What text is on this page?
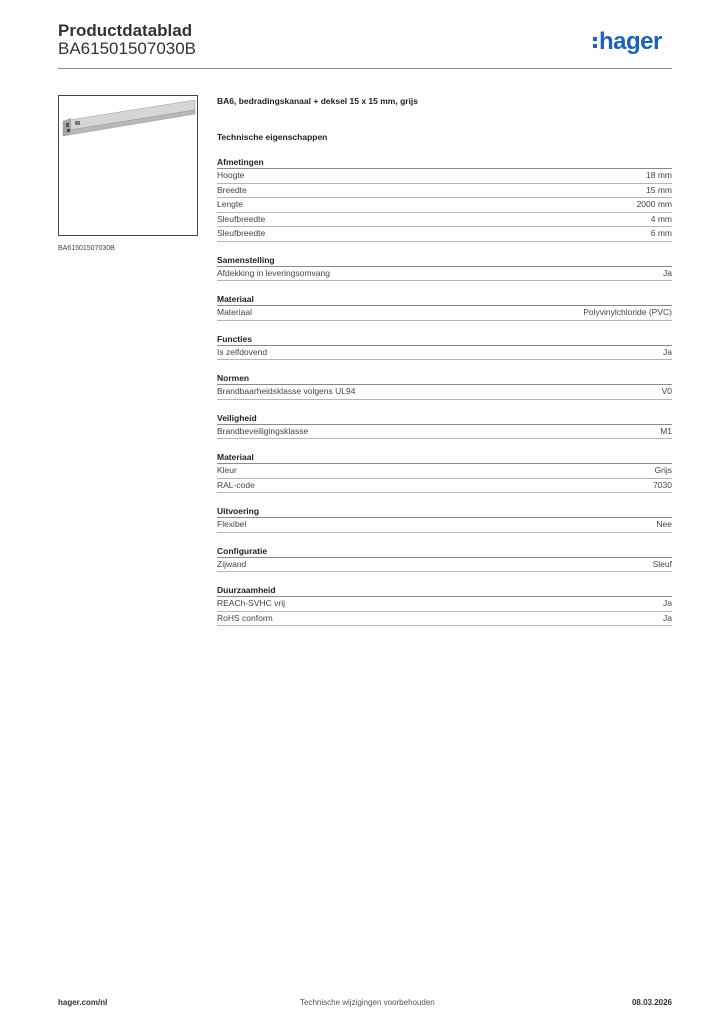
Productdatablad
BA61501507030B	hager
BA61501507030B
BA6, bedradingskanaal + deksel 15 x 15 mm, grijs
Technische eigenschappen
Afmetingen
Hoogte	18 mm
Breedte	15 mm
Lengte	2000 mm
Sleufbreedte	4 mm
Sleufbreedte	6 mm
Samenstelling
Afdekking in leveringsomvang	Ja
Materiaal
Materiaal	Polyvinylchloride (PVC)
Functies
Is zelfdovend	Ja
Normen
Brandbaarheidsklasse volgens UL94	V0
Veiligheid
Brandbeveiligingsklasse	M1
Materiaal
Kleur	Grijs
RAL-code	7030
Uitvoering
Flexibel	Nee
Configuratie
Zijwand	Sleuf
Duurzaamheid
REACh-SVHC vrij	Ja
RoHS conform	Ja
hager.com/nl	Technische wijzigingen voorbehouden	08.03.2026
